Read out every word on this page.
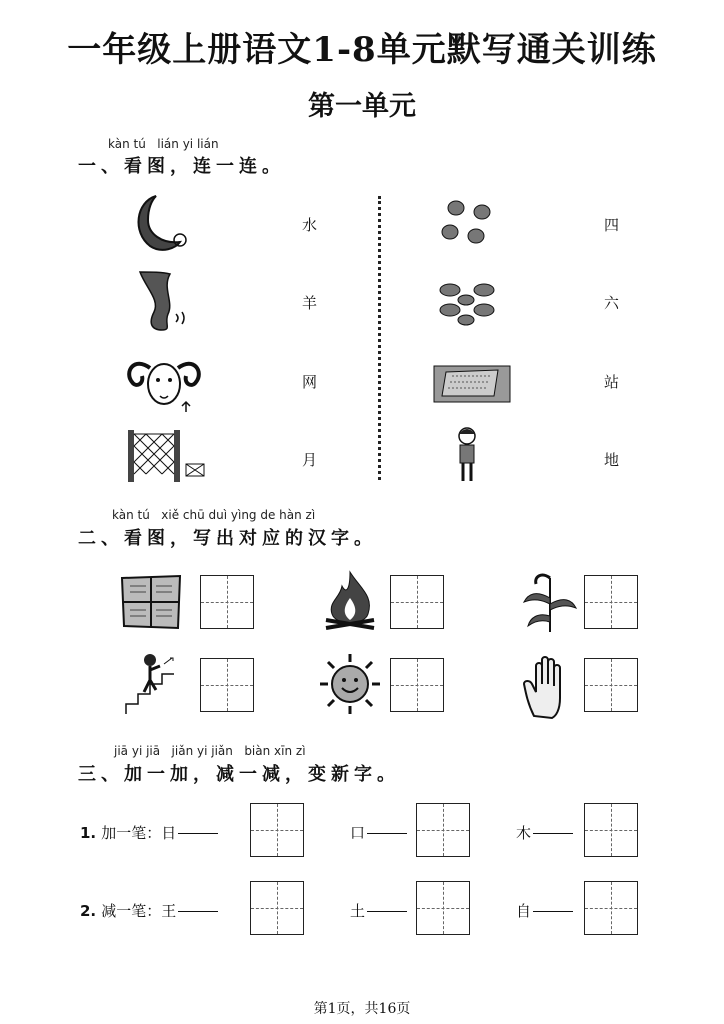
一年级上册语文1-8单元默写通关训练
第一单元
kàn tú   lián yi lián
一、看图，连一连。
水
羊
网
月
四
六
站
地
kàn tú   xiě chū duì yìng de hàn zì
二、看图，写出对应的汉字。
jiā yi jiā   jiǎn yi jiǎn   biàn xīn zì
三、加一加，减一减，变新字。
1. 加一笔：日	口	木
2. 减一笔：王	土	自
第1页，共16页
